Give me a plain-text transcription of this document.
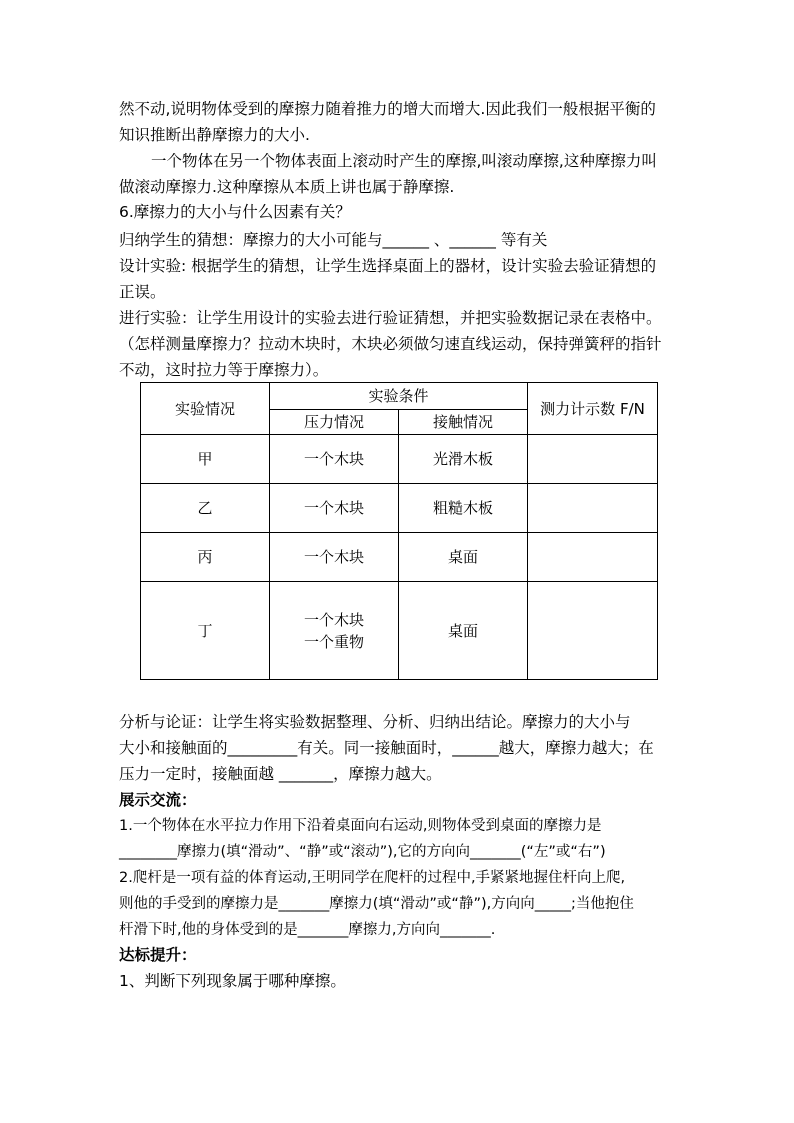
然不动,说明物体受到的摩擦力随着推力的增大而增大.因此我们一般根据平衡的
知识推断出静摩擦力的大小.
一个物体在另一个物体表面上滚动时产生的摩擦,叫滚动摩擦,这种摩擦力叫
做滚动摩擦力.这种摩擦从本质上讲也属于静摩擦.
6.摩擦力的大小与什么因素有关？
归纳学生的猜想：摩擦力的大小可能与______ 、______ 等有关
设计实验: 根据学生的猜想，让学生选择桌面上的器材，设计实验去验证猜想的
正误。
进行实验：让学生用设计的实验去进行验证猜想，并把实验数据记录在表格中。
（怎样测量摩擦力？拉动木块时，木块必须做匀速直线运动，保持弹簧秤的指针
不动，这时拉力等于摩擦力）。
实验情况	实验条件		测力计示数 F/N
	压力情况	接触情况	
甲	一个木块	光滑木板	
乙	一个木块	粗糙木板	
丙	一个木块	桌面	
丁	一个木块
一个重物	桌面	
分析与论证：让学生将实验数据整理、分析、归纳出结论。摩擦力的大小与
大小和接触面的_________有关。同一接触面时，______越大，摩擦力越大；在
压力一定时，接触面越 _______，摩擦力越大。
展示交流：
1.一个物体在水平拉力作用下沿着桌面向右运动,则物体受到桌面的摩擦力是
________摩擦力(填“滑动”、“静”或“滚动”),它的方向向_______(“左”或“右”)
2.爬杆是一项有益的体育运动,王明同学在爬杆的过程中,手紧紧地握住杆向上爬,
则他的手受到的摩擦力是_______摩擦力(填“滑动”或“静”),方向向_____;当他抱住
杆滑下时,他的身体受到的是_______摩擦力,方向向_______.
达标提升：
1、判断下列现象属于哪种摩擦。
